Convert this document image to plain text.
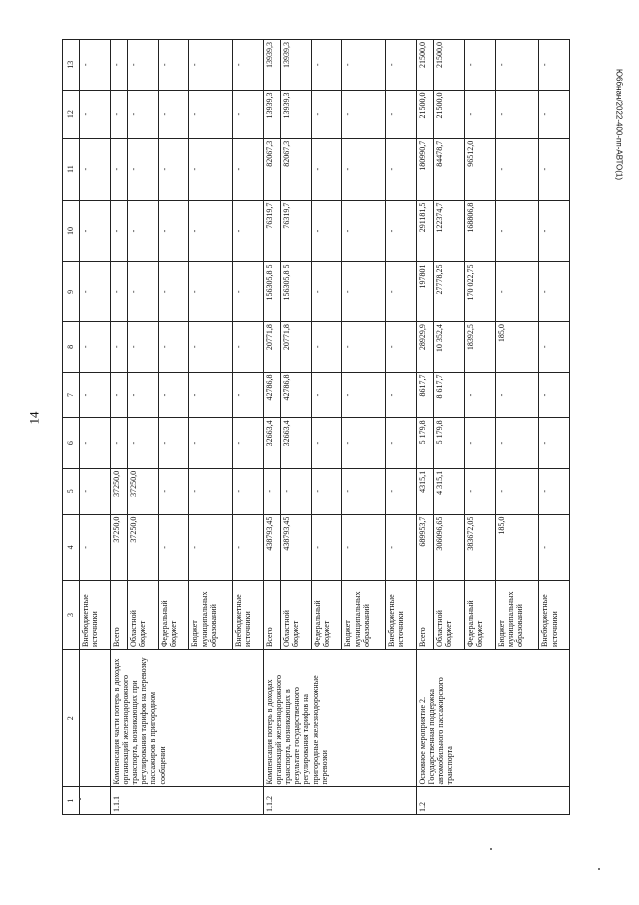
14
Ю6бнан/2022-400-пп-АВТО(1)
1	2	3	4	5	6	7	8	9	10	11	12	13
		Внебюджетные источники	-	-	-	-	-	-	-	-	-	-
1.1.1	Компенсация части потерь в доходах организаций железнодорожного транспорта, возникающих при регулировании тарифов на перевозку пассажиров в пригородном сообщении	Всего	37250,0	37250,0	-	-	-	-	-	-	-	-
		Областной бюджет	37250,0	37250,0	-	-	-	-	-	-	-	-
		Федеральный бюджет	-	-	-	-	-	-	-	-	-	-
		Бюджет муниципальных образований	-	-	-	-	-	-	-	-	-	-
		Внебюджетные источники	-	-	-	-	-	-	-	-	-	-
1.1.2	Компенсация потерь в доходах организаций железнодорожного транспорта, возникающих в результате государственного регулирования тарифов на пригородные железнодорожные перевозки	Всего	438793,45	-	32663,4	42786,8	20771,8	156305,8 5	76319,7	82067,3	13939,3	13939,3
		Областной бюджет	438793,45	-	32663,4	42786,8	20771,8	156305,8 5	76319,7	82067,3	13939,3	13939,3
		Федеральный бюджет	-	-	-	-	-	-	-	-	-	-
		Бюджет муниципальных образований	-	-	-	-	-	-	-	-	-	-
		Внебюджетные источники	-	-	-	-	-	-	-	-	-	-
1.2	Основное мероприятие 2. Государственная поддержка автомобильного пассажирского транспорта	Всего	689953,7	4315,1	5 179,8	8617,7	28929,9	197801	291181,5	180990,7	21500,0	21500,0
		Областной бюджет	306096,65	4 315,1	5 179,8	8 617,7	10 352,4	27778,25	122374,7	84478,7	21500,0	21500,0
		Федеральный бюджет	383672,05	-	-	-	18392,5	170 022,75	168806,8	96512,0	-	-
		Бюджет муниципальных образований	185,0	-	-	-	185,0	-	-	-	-	-
		Внебюджетные источники	-	-	-	-	-	-	-	-	-	-
